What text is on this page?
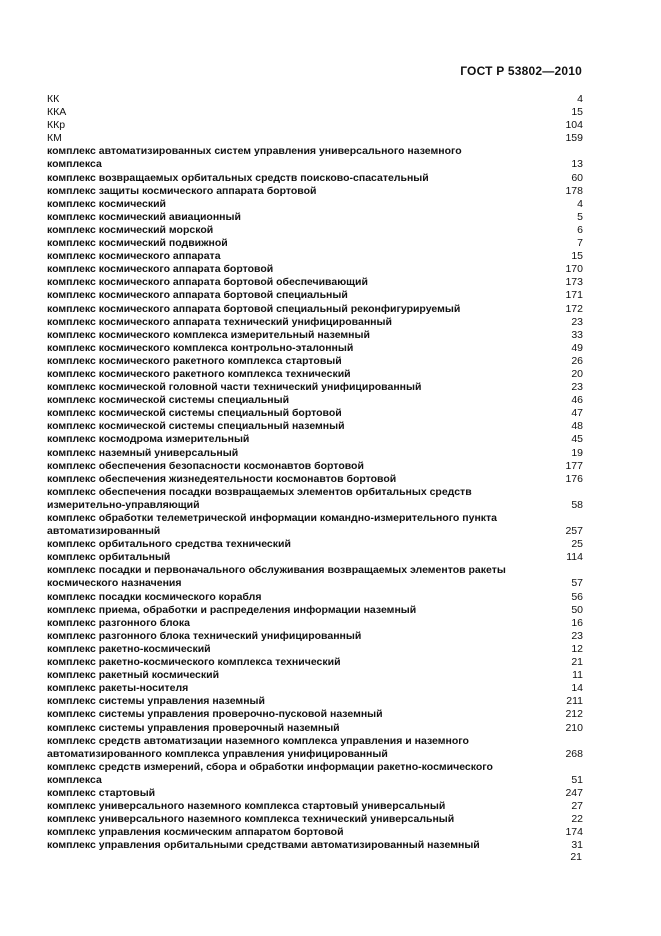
ГОСТ Р 53802—2010
КК	4
ККА	15
ККр	104
КМ	159
комплекс автоматизированных систем управления универсального наземного комплекса	13
комплекс возвращаемых орбитальных средств поисково-спасательный	60
комплекс защиты космического аппарата бортовой	178
комплекс космический	4
комплекс космический авиационный	5
комплекс космический морской	6
комплекс космический подвижной	7
комплекс космического аппарата	15
комплекс космического аппарата бортовой	170
комплекс космического аппарата бортовой обеспечивающий	173
комплекс космического аппарата бортовой специальный	171
комплекс космического аппарата бортовой специальный реконфигурируемый	172
комплекс космического аппарата технический унифицированный	23
комплекс космического комплекса измерительный наземный	33
комплекс космического комплекса контрольно-эталонный	49
комплекс космического ракетного комплекса стартовый	26
комплекс космического ракетного комплекса технический	20
комплекс космической головной части технический унифицированный	23
комплекс космической системы специальный	46
комплекс космической системы специальный бортовой	47
комплекс космической системы специальный наземный	48
комплекс космодрома измерительный	45
комплекс наземный универсальный	19
комплекс обеспечения безопасности космонавтов бортовой	177
комплекс обеспечения жизнедеятельности космонавтов бортовой	176
комплекс обеспечения посадки возвращаемых элементов орбитальных средств
измерительно-управляющий	58
комплекс обработки телеметрической информации командно-измерительного пункта
автоматизированный	257
комплекс орбитального средства технический	25
комплекс орбитальный	114
комплекс посадки и первоначального обслуживания возвращаемых элементов ракеты
космического назначения	57
комплекс посадки космического корабля	56
комплекс приема, обработки и распределения информации наземный	50
комплекс разгонного блока	16
комплекс разгонного блока технический унифицированный	23
комплекс ракетно-космический	12
комплекс ракетно-космического комплекса технический	21
комплекс ракетный космический	11
комплекс ракеты-носителя	14
комплекс системы управления наземный	211
комплекс системы управления проверочно-пусковой наземный	212
комплекс системы управления проверочный наземный	210
комплекс средств автоматизации наземного комплекса управления и наземного
автоматизированного комплекса управления унифицированный	268
комплекс средств измерений, сбора и обработки информации ракетно-космического
комплекса	51
комплекс стартовый	247
комплекс универсального наземного комплекса стартовый универсальный	27
комплекс универсального наземного комплекса технический универсальный	22
комплекс управления космическим аппаратом бортовой	174
комплекс управления орбитальными средствами автоматизированный наземный	31
21
